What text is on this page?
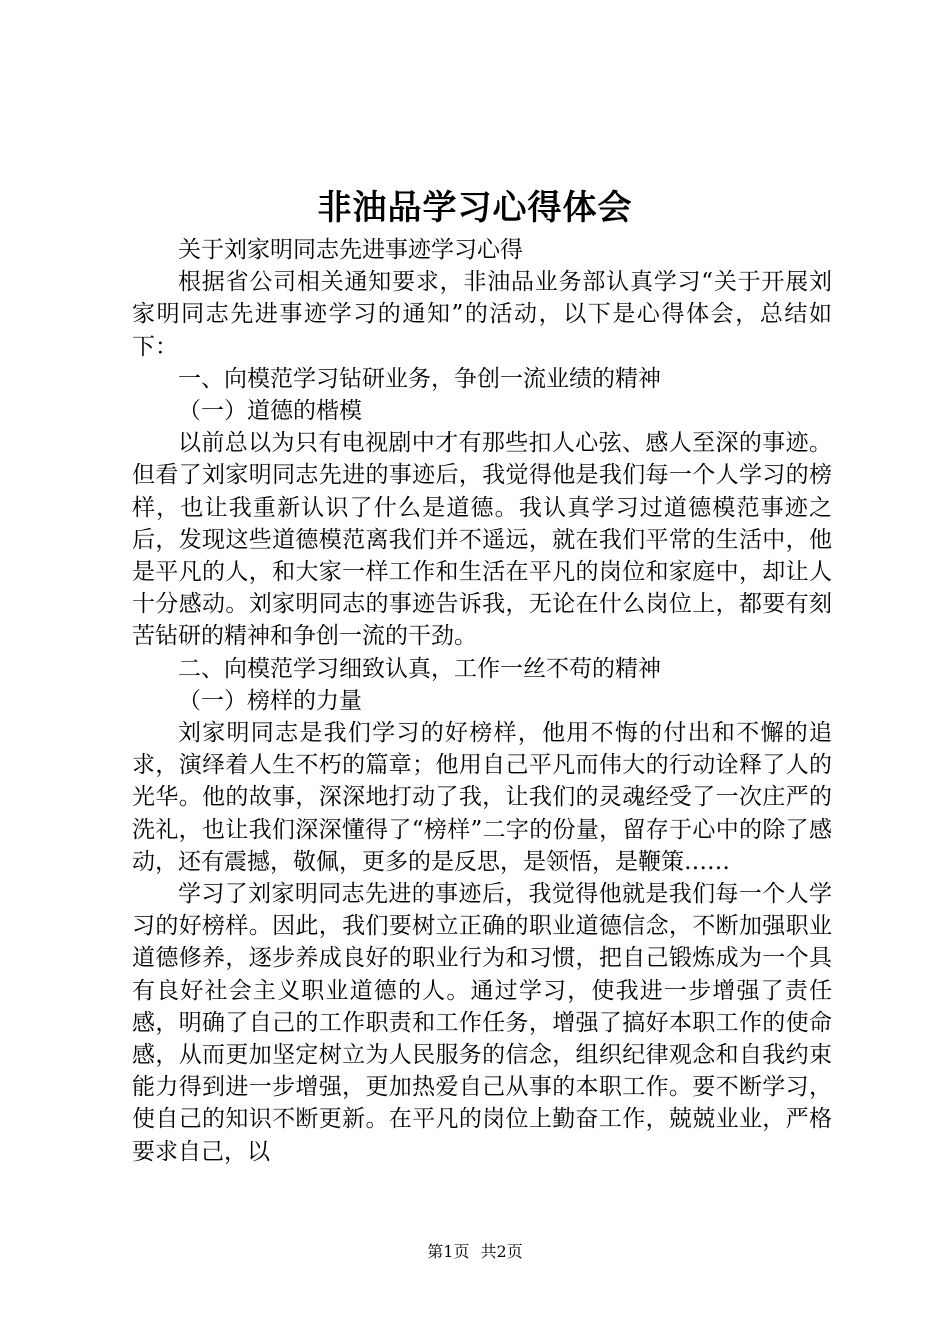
非油品学习心得体会

关于刘家明同志先进事迹学习心得

根据省公司相关通知要求，非油品业务部认真学习“关于开展刘家明同志先进事迹学习的通知”的活动，以下是心得体会，总结如下：

一、向模范学习钻研业务，争创一流业绩的精神

（一）道德的楷模

以前总以为只有电视剧中才有那些扣人心弦、感人至深的事迹。但看了刘家明同志先进的事迹后，我觉得他是我们每一个人学习的榜样，也让我重新认识了什么是道德。我认真学习过道德模范事迹之后，发现这些道德模范离我们并不遥远，就在我们平常的生活中，他是平凡的人，和大家一样工作和生活在平凡的岗位和家庭中，却让人十分感动。刘家明同志的事迹告诉我，无论在什么岗位上，都要有刻苦钻研的精神和争创一流的干劲。

二、向模范学习细致认真，工作一丝不苟的精神

（一）榜样的力量

刘家明同志是我们学习的好榜样，他用不悔的付出和不懈的追求，演绎着人生不朽的篇章；他用自己平凡而伟大的行动诠释了人的光华。他的故事，深深地打动了我，让我们的灵魂经受了一次庄严的洗礼，也让我们深深懂得了“榜样”二字的份量，留存于心中的除了感动，还有震撼，敬佩，更多的是反思，是领悟，是鞭策……

学习了刘家明同志先进的事迹后，我觉得他就是我们每一个人学习的好榜样。因此，我们要树立正确的职业道德信念，不断加强职业道德修养，逐步养成良好的职业行为和习惯，把自己锻炼成为一个具有良好社会主义职业道德的人。通过学习，使我进一步增强了责任感，明确了自己的工作职责和工作任务，增强了搞好本职工作的使命感，从而更加坚定树立为人民服务的信念，组织纪律观念和自我约束能力得到进一步增强，更加热爱自己从事的本职工作。要不断学习，使自己的知识不断更新。在平凡的岗位上勤奋工作，兢兢业业，严格要求自己，以

第1页 共2页
